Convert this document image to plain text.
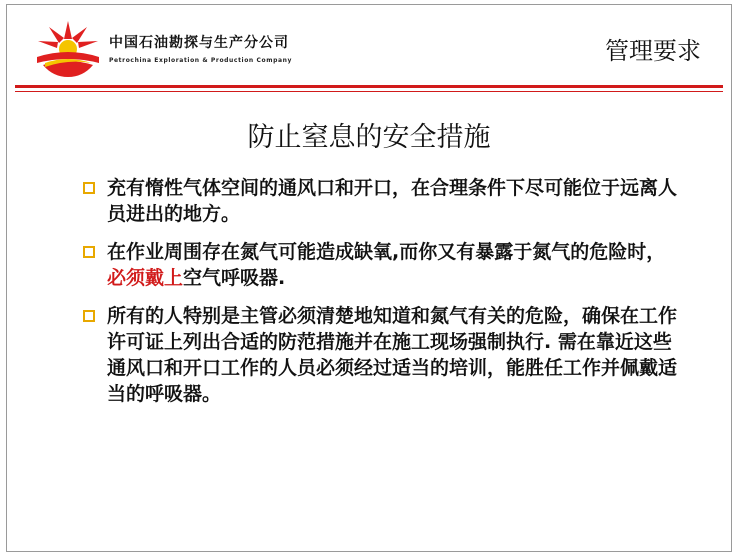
中国石油勘探与生产分公司
Petrochina Exploration & Production Company	管理要求
防止窒息的安全措施
充有惰性气体空间的通风口和开口，在合理条件下尽可能位于远离人员进出的地方。
在作业周围存在氮气可能造成缺氧,而你又有暴露于氮气的危险时，必须戴上空气呼吸器.
所有的人特别是主管必须清楚地知道和氮气有关的危险，确保在工作许可证上列出合适的防范措施并在施工现场强制执行. 需在靠近这些通风口和开口工作的人员必须经过适当的培训，能胜任工作并佩戴适当的呼吸器。
